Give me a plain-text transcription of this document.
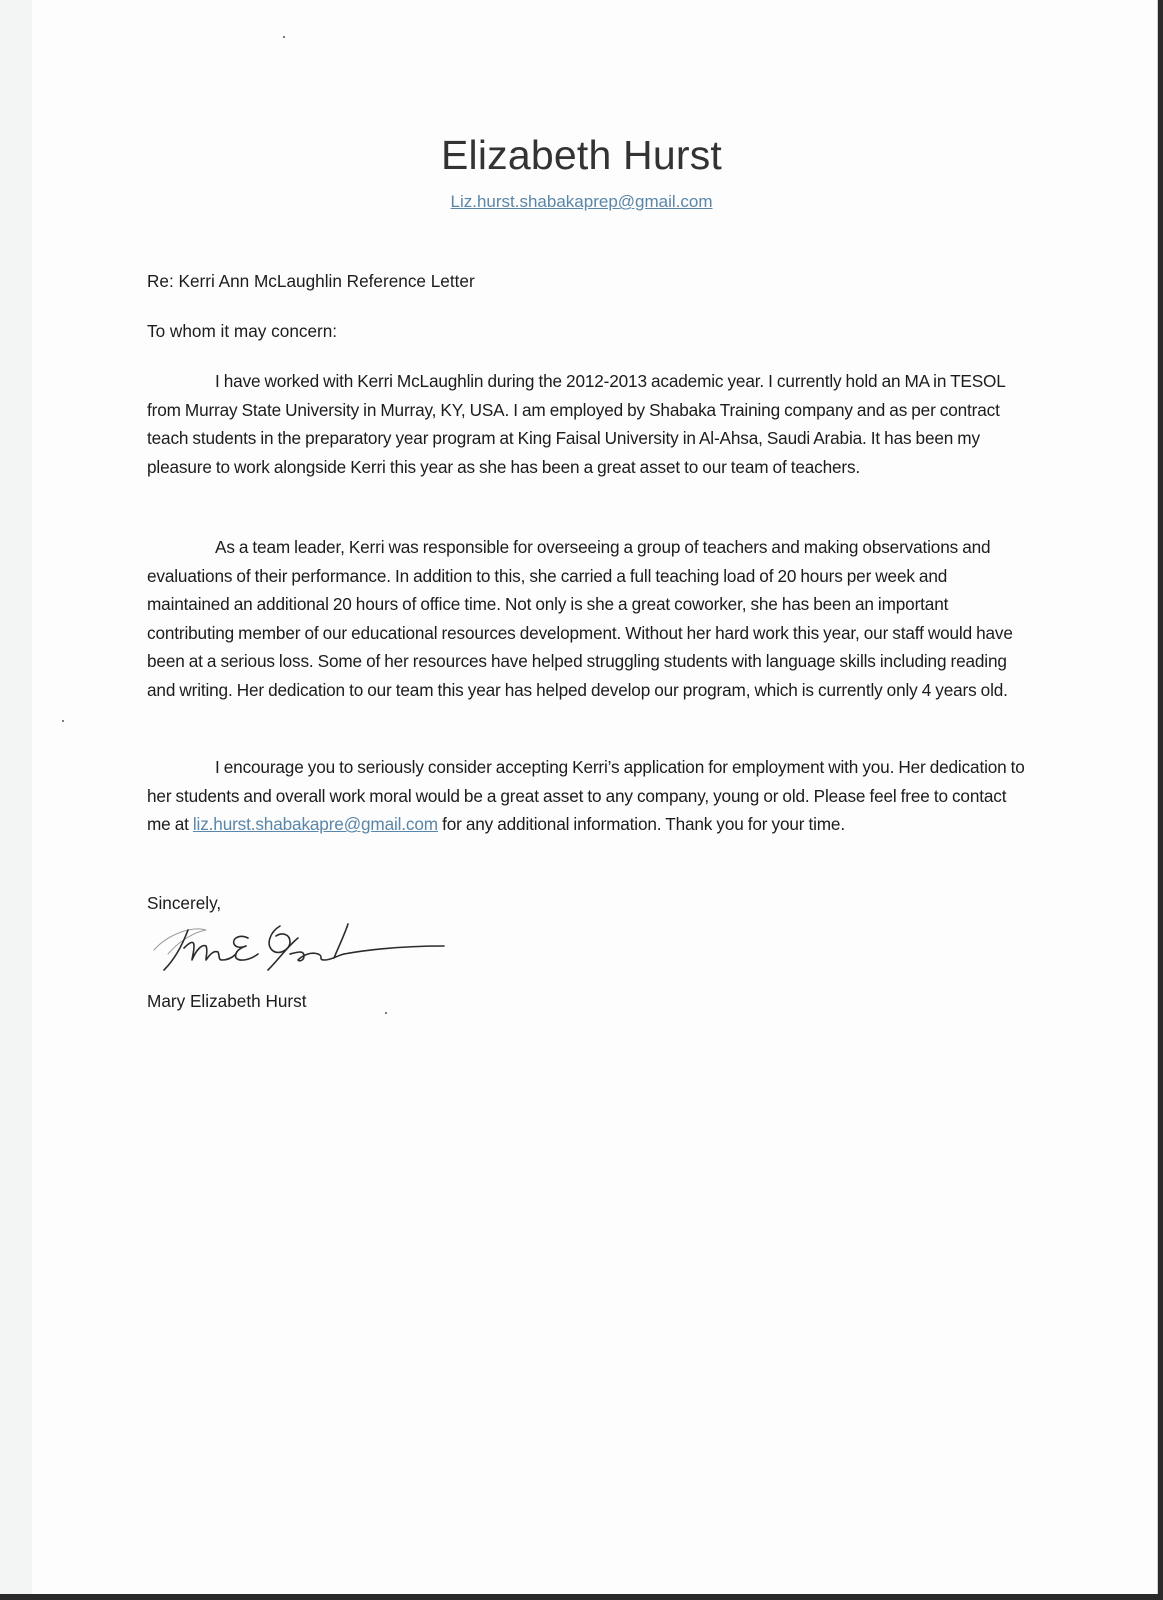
Elizabeth Hurst
Liz.hurst.shabakaprep@gmail.com
Re: Kerri Ann McLaughlin Reference Letter
To whom it may concern:
I have worked with Kerri McLaughlin during the 2012-2013 academic year. I currently hold an MA in TESOL from Murray State University in Murray, KY, USA. I am employed by Shabaka Training company and as per contract teach students in the preparatory year program at King Faisal University in Al-Ahsa, Saudi Arabia. It has been my pleasure to work alongside Kerri this year as she has been a great asset to our team of teachers.
As a team leader, Kerri was responsible for overseeing a group of teachers and making observations and evaluations of their performance. In addition to this, she carried a full teaching load of 20 hours per week and maintained an additional 20 hours of office time. Not only is she a great coworker, she has been an important contributing member of our educational resources development. Without her hard work this year, our staff would have been at a serious loss. Some of her resources have helped struggling students with language skills including reading and writing. Her dedication to our team this year has helped develop our program, which is currently only 4 years old.
I encourage you to seriously consider accepting Kerri’s application for employment with you. Her dedication to her students and overall work moral would be a great asset to any company, young or old. Please feel free to contact me at liz.hurst.shabakapre@gmail.com for any additional information. Thank you for your time.
Sincerely,
Mary Elizabeth Hurst
